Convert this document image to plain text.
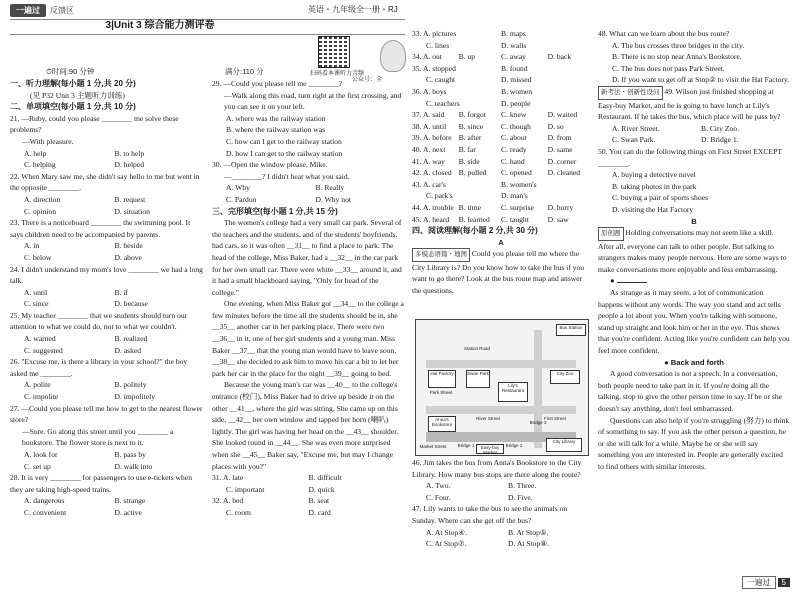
一遍过	反馈区	英语・九年级全一册・RJ
3|Unit 3 综合能力测评卷
扫码看本课听力音频
公众号：全
⏱时间:90 分钟	满分:110 分

一、听力理解(每小题 1 分,共 20 分)

(见 P32 Unit 3 主题听力训练)

二、单项填空(每小题 1 分,共 10 分)

21. —Ruby, could you please ________ me solve these problems?

—With pleasure.

A. help	B. to help
C. helping	D. helped

22. When Mary saw me, she didn't say hello to me but went in the opposite ________.

A. direction	B. request
C. opinion	D. situation

23. There is a noticeboard ________ the swimming pool. It says children need to be accompanied by parents.

A. in	B. beside
C. below	D. above

24. I didn't understand my mom's love ________ we had a long talk.

A. until	B. if
C. since	D. because

25. My teacher ________ that we students should turn our attention to what we could do, not to what we couldn't.

A. warned	B. realized
C. suggested	D. asked

26. "Excuse me, is there a library in your school?" the boy asked me ________.

A. polite	B. politely
C. impolite	D. impolitely

27. —Could you please tell me how to get to the nearest flower store?

—Sure. Go along this street until you ________ a bookstore. The flower store is next to it.

A. look for	B. pass by
C. set up	D. walk into

28. It is very ________ for passengers to use e-tickets when they are taking high-speed trains.

A. dangerous	B. strange
C. convenient	D. active

29. —Could you please tell me ________?

—Walk along this road, turn right at the first crossing, and you can see it on your left.

A. where was the railway station

B. where the railway station was

C. how can I get to the railway station

D. how I can get to the railway station

30. —Open the window please, Mike.

—________? I didn't hear what you said.

A. Why	B. Really
C. Pardon	D. Why not

三、完形填空(每小题 1 分,共 15 分)

The women's college had a very small car park. Several of the teachers and the students, and of the students' boyfriends, had cars, so it was often __31__ to find a place to park. The head of the college, Miss Baker, had a __32__ in the car park for her own small car. There were white __33__ around it, and it had a small blackboard saying, "Only for head of the college."

One evening, when Miss Baker got __34__ to the college a few minutes before the time all the students should be in, she __35__ another car in her parking place. There were two __36__ in it, one of her girl students and a young man. Miss Baker __37__ that the young man would have to leave soon, __38__ she decided to ask him to move his car a bit to let her park her car in the place for the night __39__ going to bed.

Because the young man's car was __40__ to the college's entrance (校门), Miss Baker had to drive up beside it on the other __41__, where the girl was sitting. She came up on this side, __42__ her own window and tapped her horn (喇叭) lightly. The girl was having her head on the __43__ shoulder. She looked round in __44__. She was even more surprised when she __45__ Baker say, "Excuse me, but may I change places with you?"

31. A. late	B. difficult
C. important	D. quick
32. A. bed	B. seat
C. room	D. card
33. A. pictures	B. maps
C. lines	D. walls
34. A. out	B. up	C. away	D. back
35. A. stopped	B. found
C. caught	D. missed
36. A. boys	B. women
C. teachers	D. people
37. A. said	B. forgot	C. knew	D. waited
38. A. until	B. since	C. though	D. so
39. A. before B. after	C. about	D. from
40. A. next	B. far	C. ready	D. same
41. A. way	B. side	C. hand	D. corner
42. A. closed B. pulled	C. opened	D. cleaned
43. A. car's	B. women's
C. park's	D. man's
44. A. trouble B. time	C. surprise	D. hurry
45. A. heard	B. learned	C. taught	D. saw

四、阅读理解(每小题 2 分,共 30 分)

A

多模态语篇・地图 Could you please tell me where the City Library is? Do you know how to take the bus if you want to go there? Look at the bus route map and answer the questions.

Bus Station
Station Road
Hat Factory	Swan Park
Lily's Restaurant
City Zoo
Park Street
Anna's Bookstore
River Street	First Street
Bridge 1	Bridge 2
Bridge 3
Market Street
City Library
Easy-buy Market

46. Jim takes the bus from Anna's Bookstore to the City Library. How many bus stops are there along the route?

A. Two.	B. Three.
C. Four.	D. Five.

47. Lily wants to take the bus to see the animals on Sunday. Where can she get off the bus?

A. At Stop④.	B. At Stop⑤.
C. At Stop⑦.	D. At Stop⑧.

48. What can we learn about the bus route?

A. The bus crosses three bridges in the city.

B. There is no stop near Anna's Bookstore.

C. The bus does not pass Park Street.

D. If you want to get off at Stop② to visit the Hat Factory.

新考法・创新性设问 49. Wilson just finished shopping at Easy-buy Market, and he is going to have lunch at Lily's Restaurant. If he takes the bus, which place will he pass by?

A. River Street.	B. City Zoo.
C. Swan Park.	D. Bridge 1.

50. You can do the following things on First Street EXCEPT ________.

A. buying a detective novel

B. taking photos in the park

C. buying a pair of sports shoes

D. visiting the Hat Factory

B

原创题 Holding conversations may not seem like a skill. After all, everyone can talk to other people. But talking to strangers makes many people nervous. Here are some ways to make conversations more enjoyable and less embarrassing.

●

As strange as it may seem, a lot of communication happens without any words. The way you stand and act tells people a lot about you. When you're talking with someone, stand up straight and look him or her in the eye. This shows that you're confident. Acting like you're confident can help you feel more confident.

● Back and forth

A good conversation is not a speech. In a conversation, both people need to take part in it. If you're doing all the talking, stop to give the other person time to say. If he or she doesn't say anything, don't feel embarrassed.

Questions can also help if you're struggling (努力) to think of something to say. If you ask the other person a question, he or she will talk for a while. Maybe he or she will say something you are interested in. People are generally excited to find others with similar interests.

一遍过	5
